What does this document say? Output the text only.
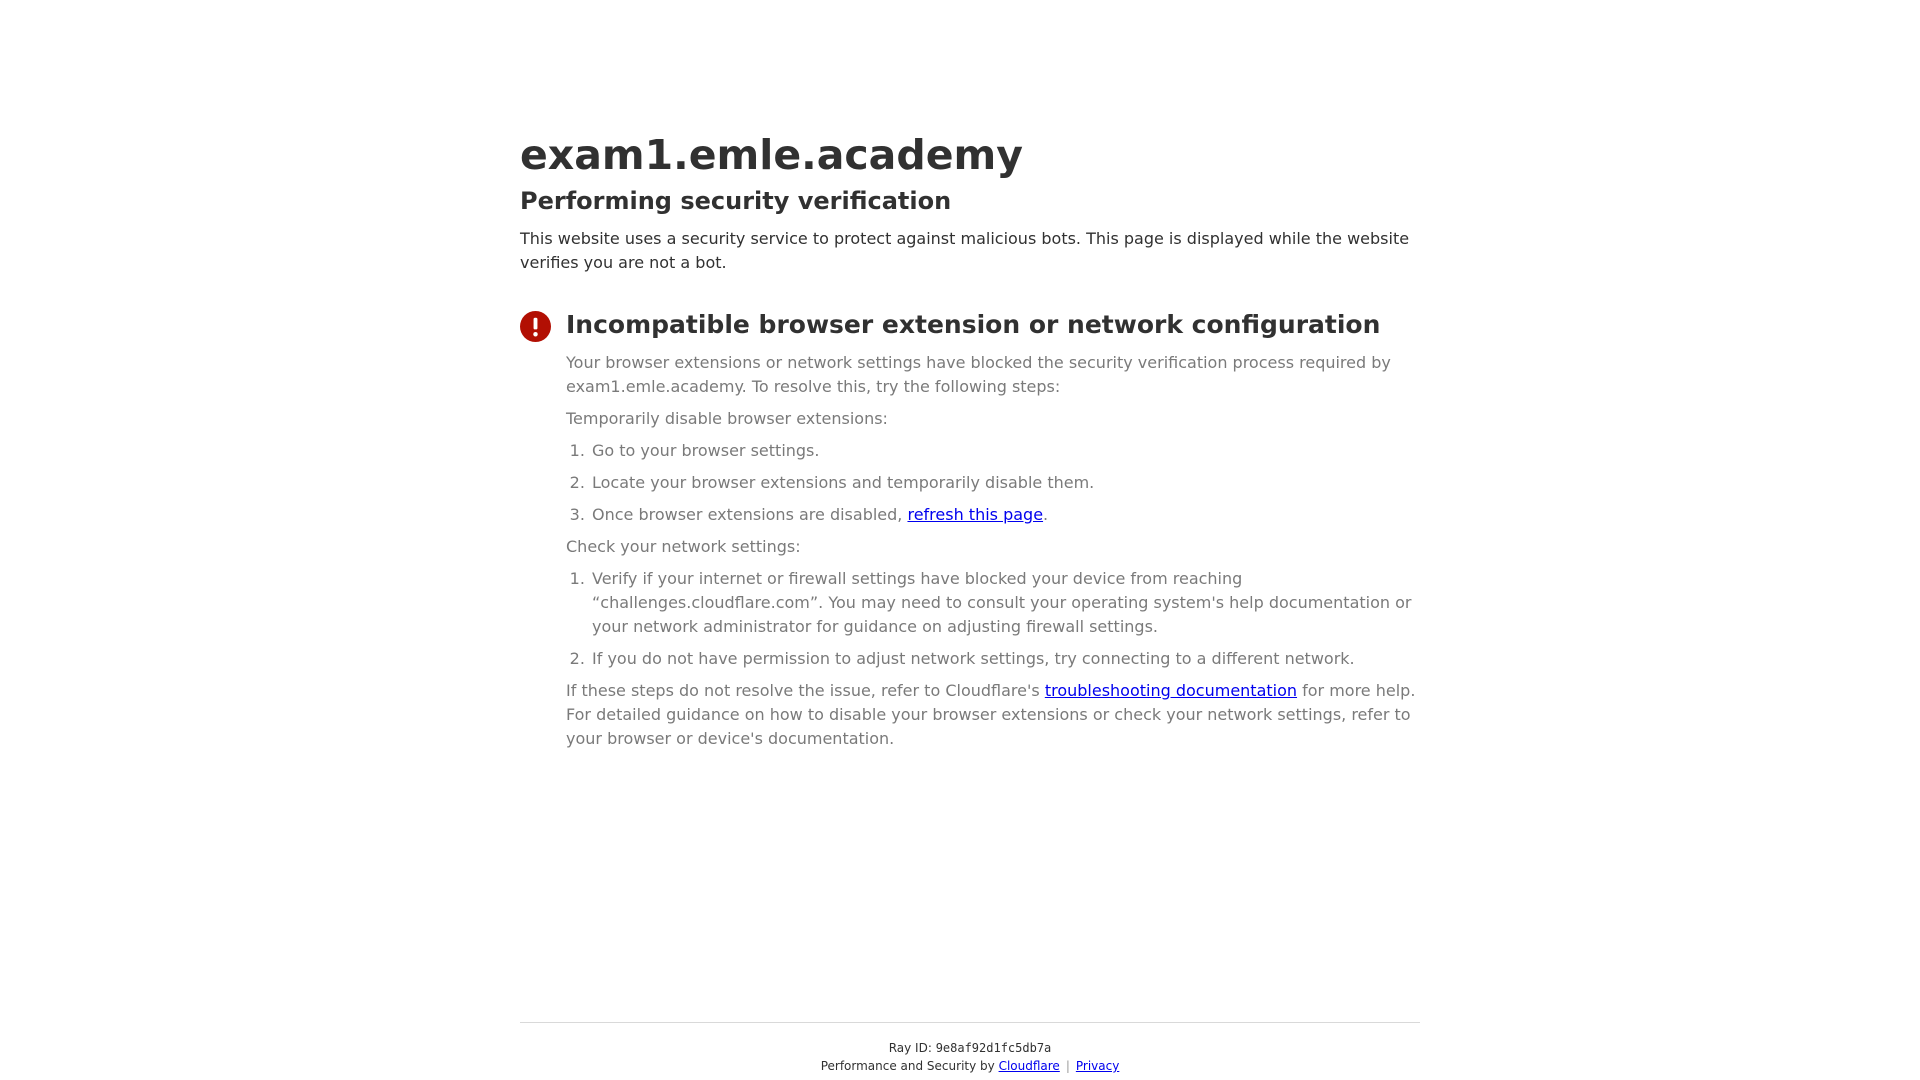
exam1.emle.academy
Performing security verification

This website uses a security service to protect against malicious bots. This page is displayed while the website verifies you are not a bot.

Incompatible browser extension or network configuration

Your browser extensions or network settings have blocked the security verification process required by exam1.emle.academy. To resolve this, try the following steps:

Temporarily disable browser extensions:

1. Go to your browser settings.
2. Locate your browser extensions and temporarily disable them.
3. Once browser extensions are disabled, refresh this page.

Check your network settings:

1. Verify if your internet or firewall settings have blocked your device from reaching “challenges.cloudflare.com”. You may need to consult your operating system's help documentation or your network administrator for guidance on adjusting firewall settings.
2. If you do not have permission to adjust network settings, try connecting to a different network.

If these steps do not resolve the issue, refer to Cloudflare's troubleshooting documentation for more help. For detailed guidance on how to disable your browser extensions or check your network settings, refer to your browser or device's documentation.

Ray ID: 9e8af92d1fc5db7a
Performance and Security by Cloudflare | Privacy
